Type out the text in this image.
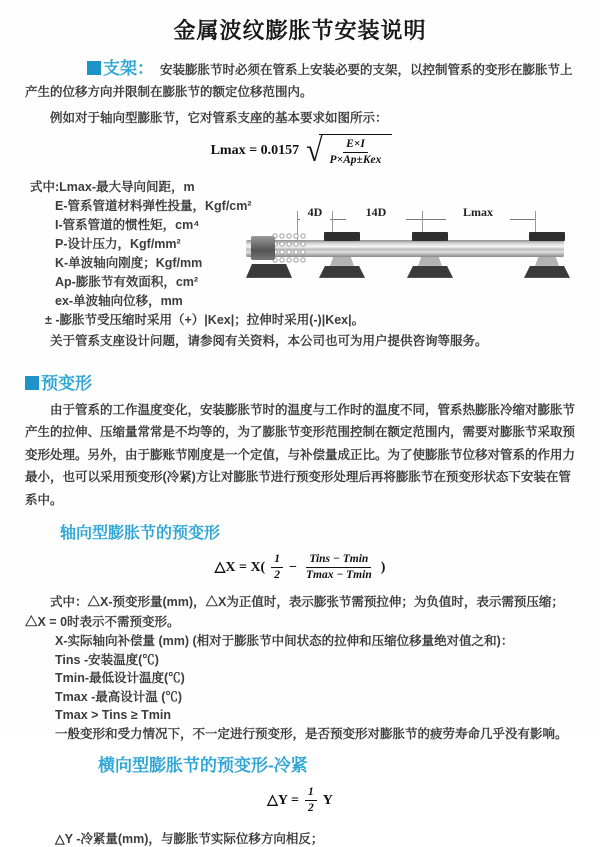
金属波纹膨胀节安装说明

支架： 安装膨胀节时必须在管系上安装必要的支架，以控制管系的变形在膨胀节上产生的位移方向并限制在膨胀节的额定位移范围内。

例如对于轴向型膨胀节，它对管系支座的基本要求如图所示：

Lmax = 0.0157 √ $\frac{E\times I}{\text{P×Ap±Kex}}$
式中:Lmax-最大导向间距，m
E-管系管道材料弹性投量，Kgf/cm²
I-管系管道的惯性矩，cm⁴
P-设计压力，Kgf/mm²
K-单波轴向刚度；Kgf/mm
Ap-膨胀节有效面积，cm²
ex-单波轴向位移，mm
± -膨胀节受压缩时采用（+）|Kex|；拉伸时采用(-)|Kex|。
关于管系支座设计问题，请参阅有关资料，本公司也可为用户提供咨询等服务。
4D	14D	Lmax
预变形

由于管系的工作温度变化，安装膨胀节时的温度与工作时的温度不同，管系热膨胀冷缩对膨胀节产生的拉伸、压缩量常常是不均等的，为了膨胀节变形范围控制在额定范围内，需要对膨胀节采取预变形处理。另外，由于膨账节刚度是一个定值，与补偿量成正比。为了使膨胀节位移对管系的作用力最小，也可以采用预变形(冷紧)方让对膨胀节进行预变形处理后再将膨胀节在预变形状态下安装在管系中。

轴向型膨胀节的预变形
△X = $X( \frac{1}{2} - \frac{\text{Tins − Tmin}}{Tmax - Tmin}$ )

式中：△X-预变形量(mm)，△X为正值时，表示膨张节需预拉伸；为负值时，表示需预压缩；△X = 0时表示不需预变形。

X-实际轴向补偿量 (mm) (相对于膨胀节中间状态的拉伸和压缩位移量绝对值之和)：
Tins -安装温度(℃)
Tmin-最低设计温度(℃)
Tmax -最高设计温 (℃)
Tmax > Tins ≥ Tmin
一般变形和受力情况下，不一定进行预变形，是否预变形对膨胀节的疲劳寿命几乎没有影响。
横向型膨胀节的预变形-冷紧
△Y = $\frac{1}{2}$ Y
△Y -冷紧量(mm)，与膨胀节实际位移方向相反；
